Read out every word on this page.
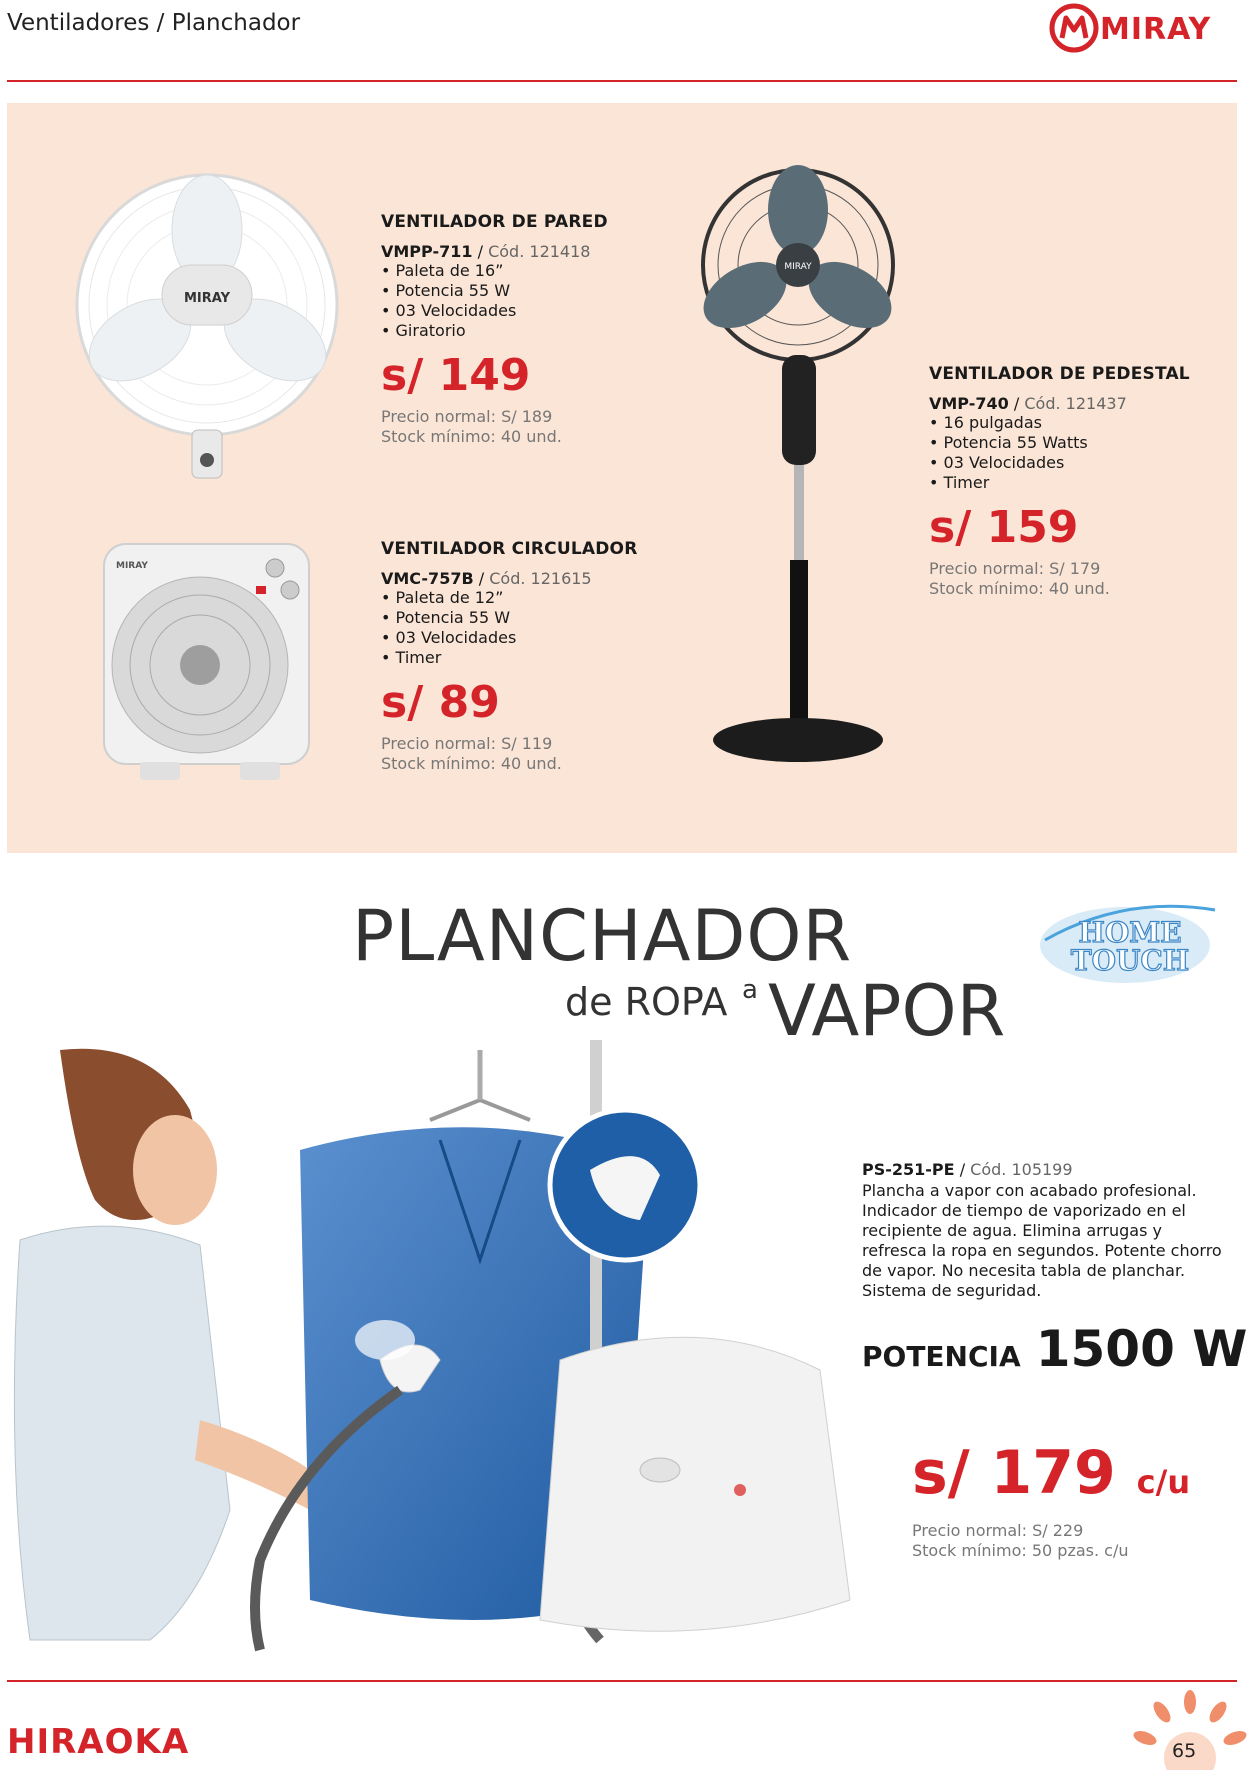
Ventiladores / Planchador	MIRAY
MIRAY
MIRAY
MIRAY
VENTILADOR DE PARED
VMPP-711 / Cód. 121418
• Paleta de 16”
• Potencia 55 W
• 03 Velocidades
• Giratorio
s/ 149
Precio normal: S/ 189
Stock mínimo: 40 und.
VENTILADOR CIRCULADOR
VMC-757B / Cód. 121615
• Paleta de 12”
• Potencia 55 W
• 03 Velocidades
• Timer
s/ 89
Precio normal: S/ 119
Stock mínimo: 40 und.
VENTILADOR DE PEDESTAL
VMP-740 / Cód. 121437
• 16 pulgadas
• Potencia 55 Watts
• 03 Velocidades
• Timer
s/ 159
Precio normal: S/ 179
Stock mínimo: 40 und.
PLANCHADOR
de ROPA a VAPOR
HOME
TOUCH
PS-251-PE / Cód. 105199
Plancha a vapor con acabado profesional. Indicador de tiempo de vaporizado en el recipiente de agua. Elimina arrugas y refresca la ropa en segundos. Potente chorro de vapor. No necesita tabla de planchar. Sistema de seguridad.
POTENCIA 1500 W
s/ 179 c/u
Precio normal: S/ 229
Stock mínimo: 50 pzas. c/u
HIRAOKA	65
